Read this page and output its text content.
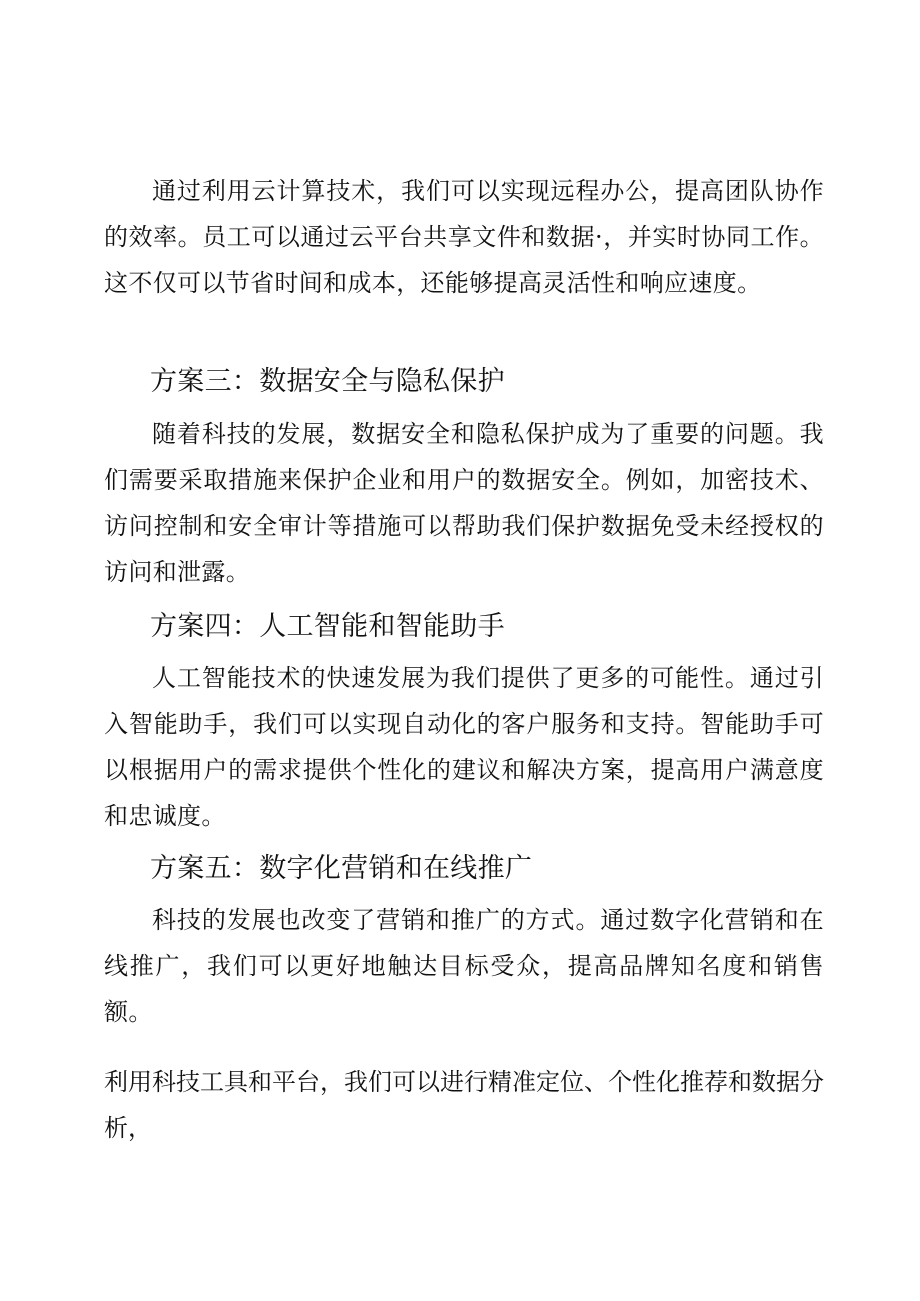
通过利用云计算技术，我们可以实现远程办公，提高团队协作的效率。员工可以通过云平台共享文件和数据·，并实时协同工作。这不仅可以节省时间和成本，还能够提高灵活性和响应速度。

方案三：数据安全与隐私保护

随着科技的发展，数据安全和隐私保护成为了重要的问题。我们需要采取措施来保护企业和用户的数据安全。例如，加密技术、访问控制和安全审计等措施可以帮助我们保护数据免受未经授权的访问和泄露。

方案四：人工智能和智能助手

人工智能技术的快速发展为我们提供了更多的可能性。通过引入智能助手，我们可以实现自动化的客户服务和支持。智能助手可以根据用户的需求提供个性化的建议和解决方案，提高用户满意度和忠诚度。

方案五：数字化营销和在线推广

科技的发展也改变了营销和推广的方式。通过数字化营销和在线推广，我们可以更好地触达目标受众，提高品牌知名度和销售额。

利用科技工具和平台，我们可以进行精准定位、个性化推荐和数据分析，
